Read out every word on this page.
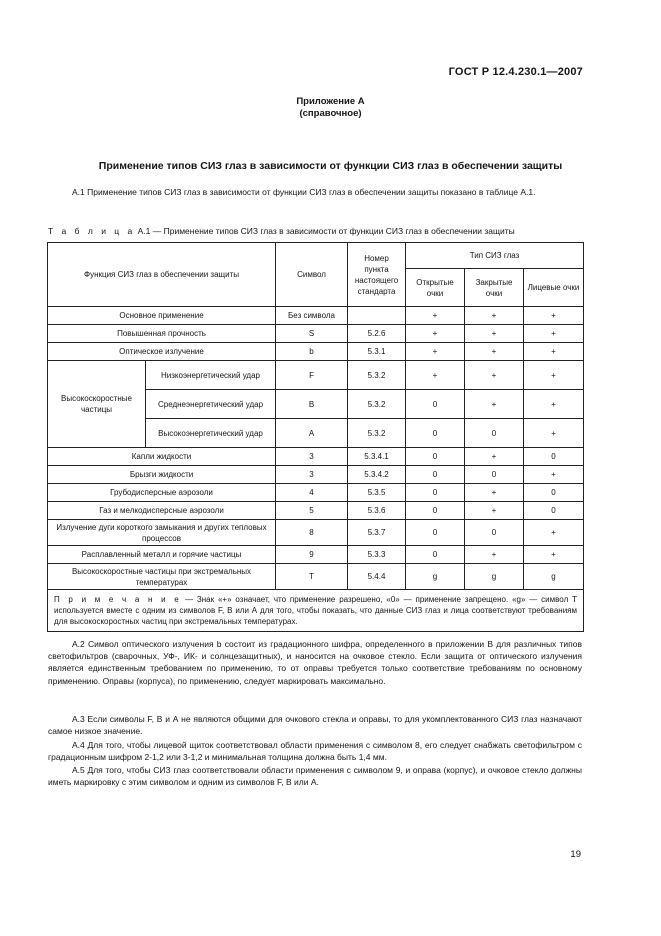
ГОСТ Р 12.4.230.1—2007
Приложение А
(справочное)
Применение типов СИЗ глаз в зависимости от функции СИЗ глаз в обеспечении защиты
А.1 Применение типов СИЗ глаз в зависимости от функции СИЗ глаз в обеспечении защиты показано в таблице А.1.
Т а б л и ц а А.1 — Применение типов СИЗ глаз в зависимости от функции СИЗ глаз в обеспечении защиты
Функция СИЗ глаз в обеспечении защиты		Символ	Номер пункта настоящего стандарта	Тип СИЗ глаз		
				Открытые очки	Закрытые очки	Лицевые очки
Основное применение		Без символа		+	+	+
Повышенная прочность		S	5.2.6	+	+	+
Оптическое излучение		b	5.3.1	+	+	+
Высокоскоростные частицы	Низкоэнергетический удар	F	5.3.2	+	+	+
	Среднеэнергетический удар	В	5.3.2	0	+	+
	Высокоэнергетический удар	А	5.3.2	0	0	+
Капли жидкости		3	5.3.4.1	0	+	0
Брызги жидкости		3	5.3.4.2	0	0	+
Грубодисперсные аэрозоли		4	5.3.5	0	+	0
Газ и мелкодисперсные аэрозоли		5	5.3.6	0	+	0
Излучение дуги короткого замыкания и других тепловых процессов		8	5.3.7	0	0	+
Расплавленный металл и горячие частицы		9	5.3.3	0	+	+
Высокоскоростные частицы при экстремальных температурах		Т	5.4.4	g	g	g
П р и м е ч а н и е — Знак «+» означает, что применение разрешено, «0» — применение запрещено. «g» — символ Т используется вместе с одним из символов F, В или А для того, чтобы показать, что данные СИЗ глаз и лица соответствуют требованиям для высокоскоростных частиц при экстремальных температурах.						
А.2 Символ оптического излучения b состоит из градационного шифра, определенного в приложении В для различных типов светофильтров (сварочных, УФ-, ИК- и солнцезащитных), и наносится на очковое стекло. Если защита от оптического излучения является единственным требованием по применению, то от оправы требуется только соответствие требованиям по основному применению. Оправы (корпуса), по применению, следует маркировать максимально.
А.3 Если символы F, В и А не являются общими для очкового стекла и оправы, то для укомплектованного СИЗ глаз назначают самое низкое значение.
А.4 Для того, чтобы лицевой щиток соответствовал области применения с символом 8, его следует снабжать светофильтром с градационным шифром 2-1,2 или 3-1,2 и минимальная толщина должна быть 1,4 мм.
А.5 Для того, чтобы СИЗ глаз соответствовали области применения с символом 9, и оправа (корпус), и очковое стекло должны иметь маркировку с этим символом и одним из символов F, В или А.
19
